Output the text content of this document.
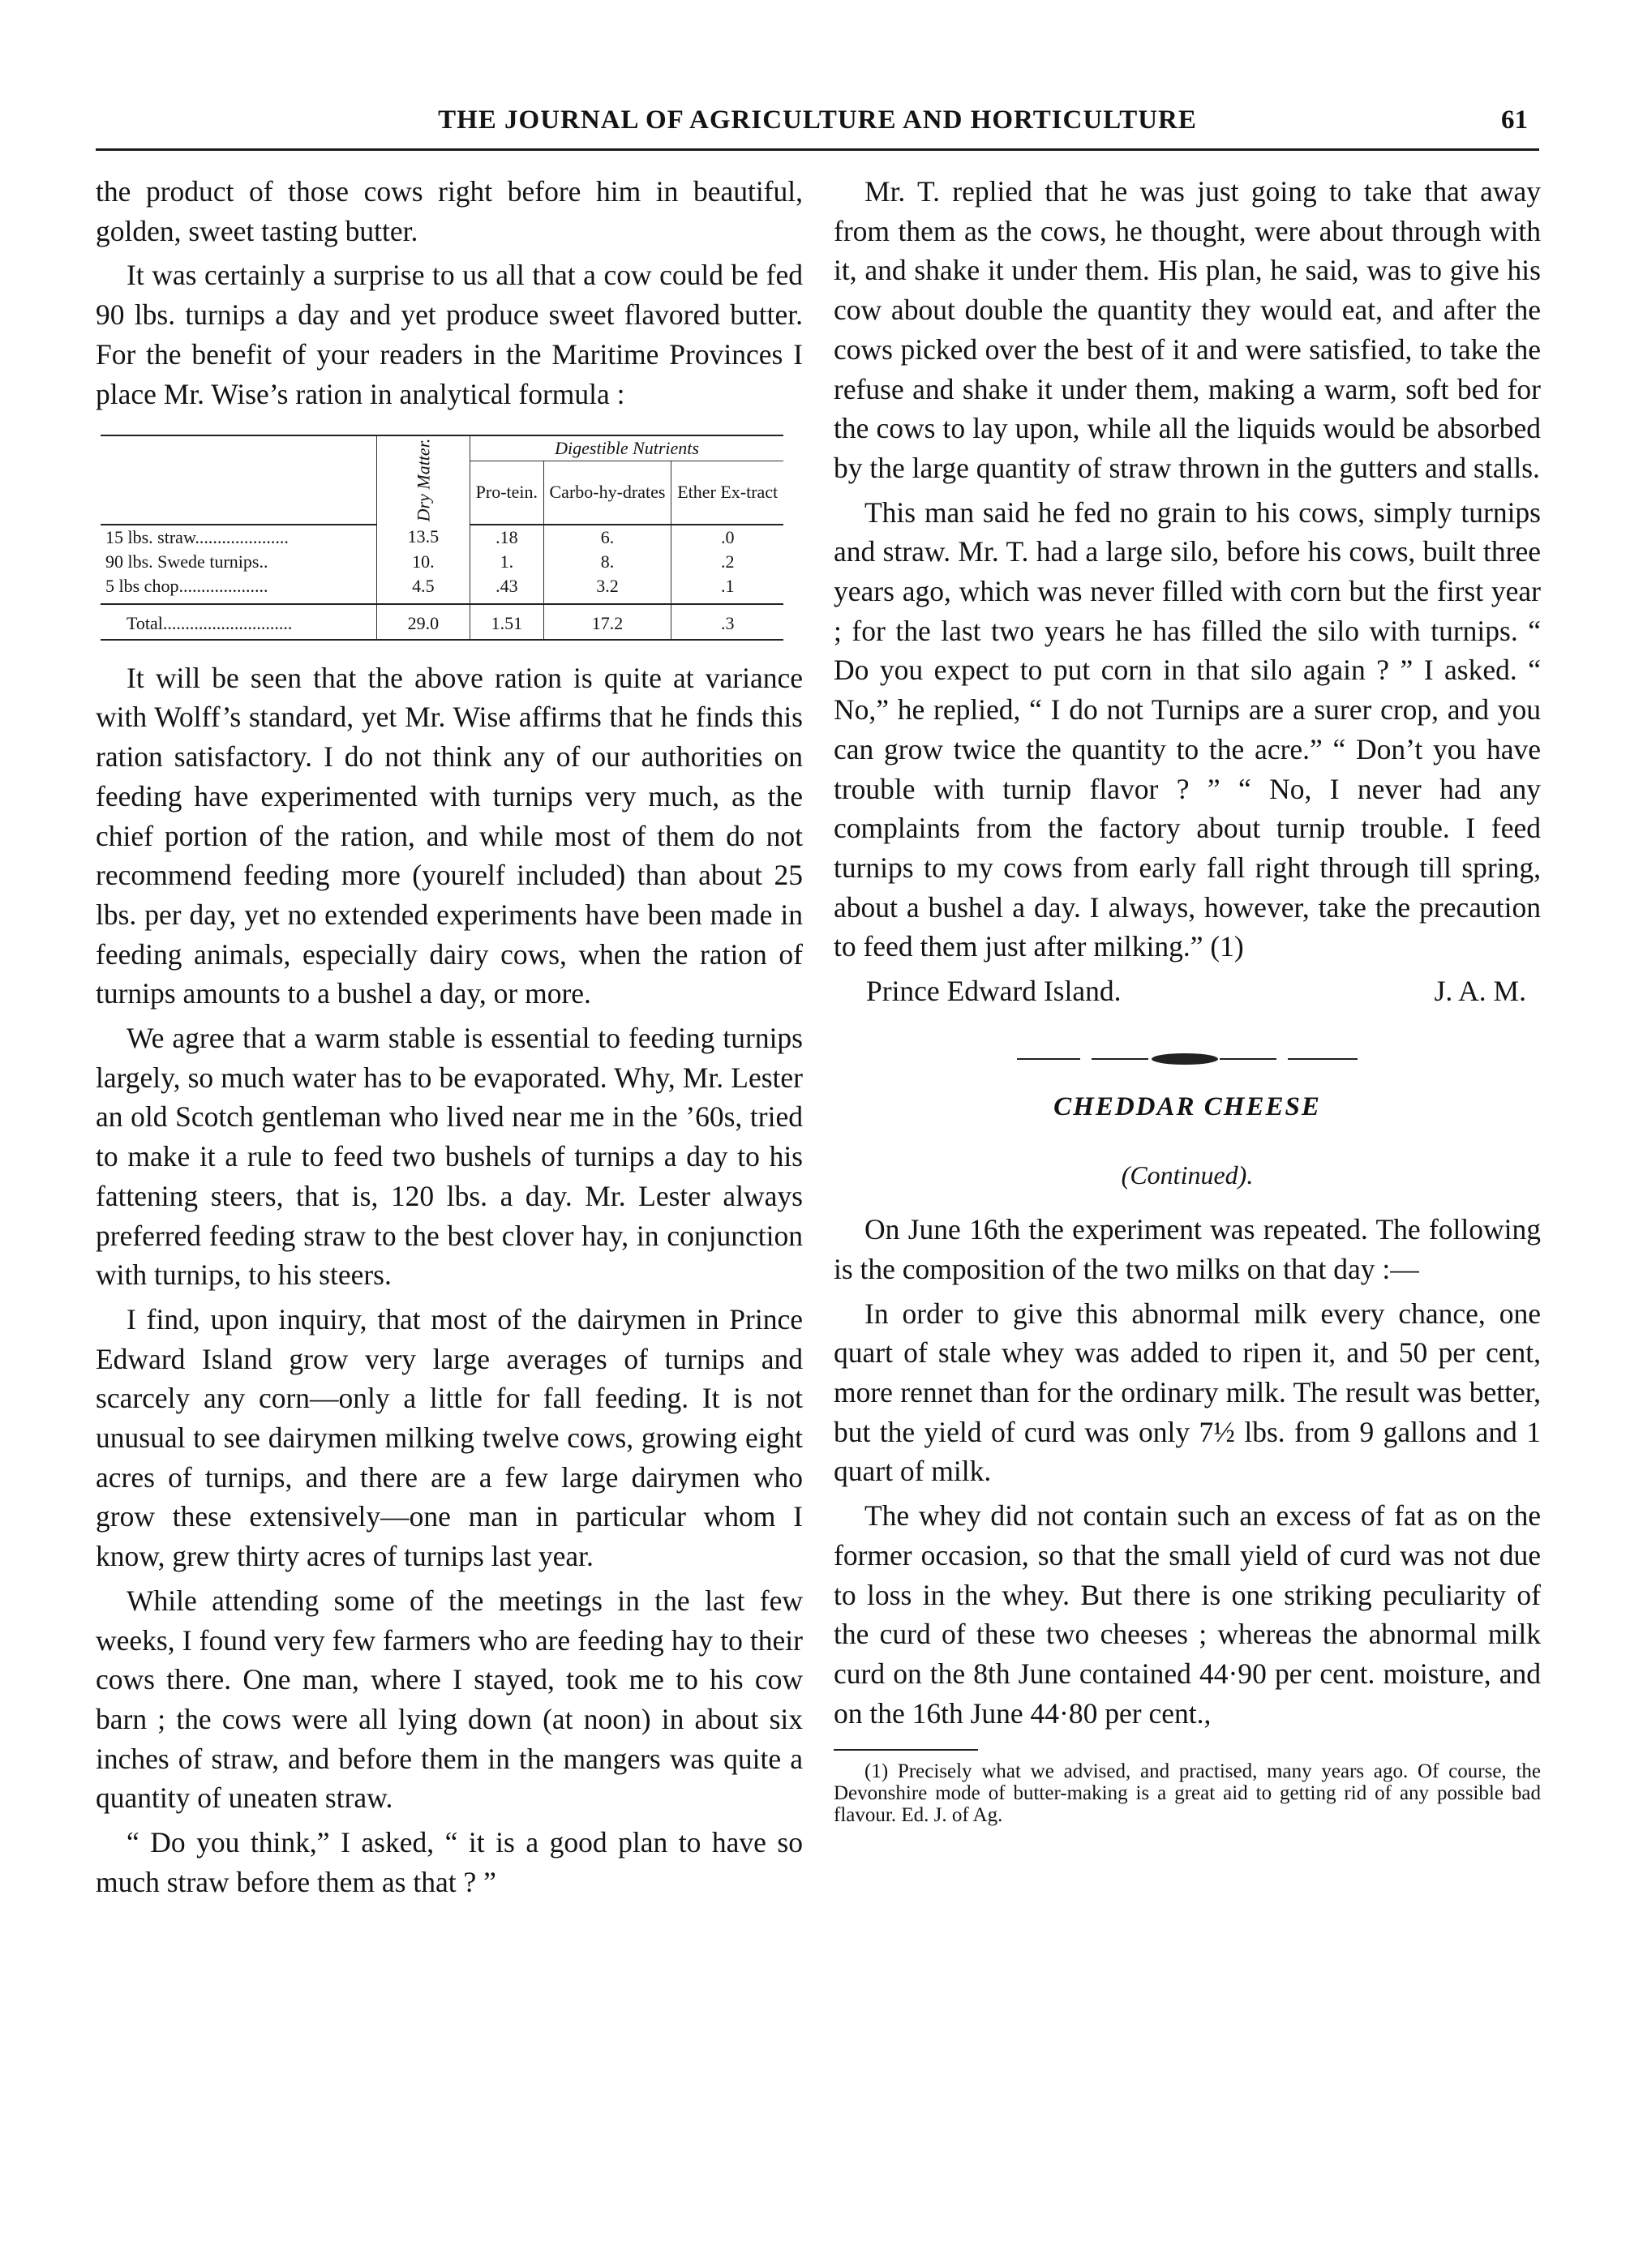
THE JOURNAL OF AGRICULTURE AND HORTICULTURE	61

the product of those cows right before him in beautiful, golden, sweet tasting butter.

It was certainly a surprise to us all that a cow could be fed 90 lbs. turnips a day and yet produce sweet flavored butter. For the benefit of your readers in the Maritime Provinces I place Mr. Wise’s ration in analytical formula :

	Dry Matter.	Digestible Nutrients		
		Pro-tein.	Carbo-hy-drates	Ether Ex-tract
15 lbs. straw.....................	13.5	.18	6.	.0
90 lbs. Swede turnips..	10.	1.	8.	.2
5 lbs chop....................	4.5	.43	3.2	.1
Total.............................	29.0	1.51	17.2	.3

It will be seen that the above ration is quite at variance with Wolff’s standard, yet Mr. Wise affirms that he finds this ration satisfactory. I do not think any of our authorities on feeding have experimented with turnips very much, as the chief portion of the ration, and while most of them do not recommend feeding more (yourelf included) than about 25 lbs. per day, yet no extended experiments have been made in feeding animals, especially dairy cows, when the ration of turnips amounts to a bushel a day, or more.

We agree that a warm stable is essential to feeding turnips largely, so much water has to be evaporated. Why, Mr. Lester an old Scotch gentleman who lived near me in the ’60s, tried to make it a rule to feed two bushels of turnips a day to his fattening steers, that is, 120 lbs. a day. Mr. Lester always preferred feeding straw to the best clover hay, in conjunction with turnips, to his steers.

I find, upon inquiry, that most of the dairymen in Prince Edward Island grow very large averages of turnips and scarcely any corn—only a little for fall feeding. It is not unusual to see dairymen milking twelve cows, growing eight acres of turnips, and there are a few large dairymen who grow these extensively—one man in particular whom I know, grew thirty acres of turnips last year.

While attending some of the meetings in the last few weeks, I found very few farmers who are feeding hay to their cows there. One man, where I stayed, took me to his cow barn ; the cows were all lying down (at noon) in about six inches of straw, and before them in the mangers was quite a quantity of uneaten straw.

“ Do you think,” I asked, “ it is a good plan to have so much straw before them as that ? ”

Mr. T. replied that he was just going to take that away from them as the cows, he thought, were about through with it, and shake it under them. His plan, he said, was to give his cow about double the quantity they would eat, and after the cows picked over the best of it and were satisfied, to take the refuse and shake it under them, making a warm, soft bed for the cows to lay upon, while all the liquids would be absorbed by the large quantity of straw thrown in the gutters and stalls.

This man said he fed no grain to his cows, simply turnips and straw. Mr. T. had a large silo, before his cows, built three years ago, which was never filled with corn but the first year ; for the last two years he has filled the silo with turnips. “ Do you expect to put corn in that silo again ? ” I asked. “ No,” he replied, “ I do not Turnips are a surer crop, and you can grow twice the quantity to the acre.” “ Don’t you have trouble with turnip flavor ? ” “ No, I never had any complaints from the factory about turnip trouble. I feed turnips to my cows from early fall right through till spring, about a bushel a day. I always, however, take the precaution to feed them just after milking.” (1)

Prince Edward Island.	J. A. M.
CHEDDAR CHEESE
(Continued).

On June 16th the experiment was repeated. The following is the composition of the two milks on that day :—

In order to give this abnormal milk every chance, one quart of stale whey was added to ripen it, and 50 per cent, more rennet than for the ordinary milk. The result was better, but the yield of curd was only 7½ lbs. from 9 gallons and 1 quart of milk.

The whey did not contain such an excess of fat as on the former occasion, so that the small yield of curd was not due to loss in the whey. But there is one striking peculiarity of the curd of these two cheeses ; whereas the abnormal milk curd on the 8th June contained 44·90 per cent. moisture, and on the 16th June 44·80 per cent.,

(1) Precisely what we advised, and practised, many years ago. Of course, the Devonshire mode of butter-making is a great aid to getting rid of any possible bad flavour. Ed. J. of Ag.
